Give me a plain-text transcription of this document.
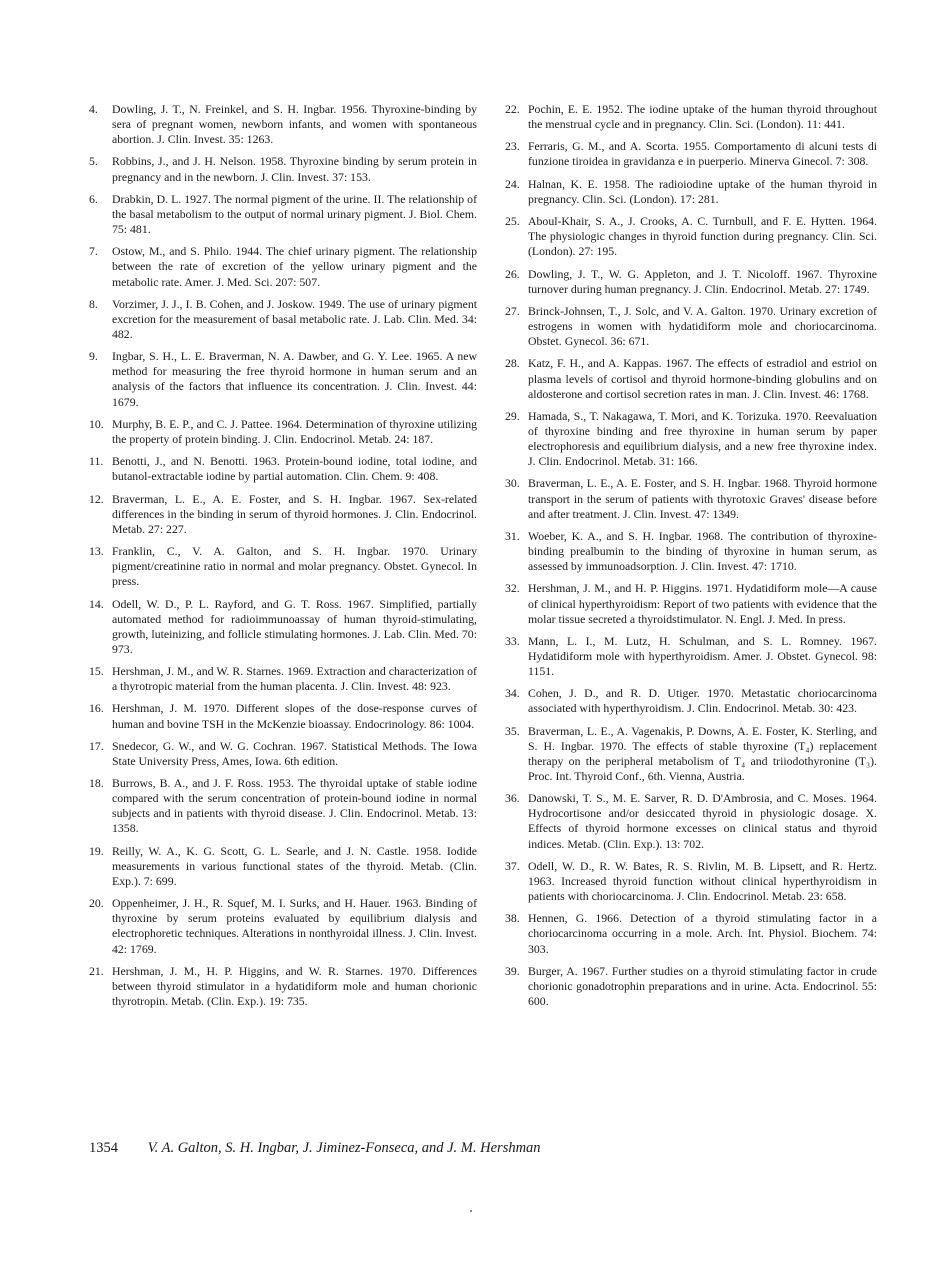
4. Dowling, J. T., N. Freinkel, and S. H. Ingbar. 1956. Thyroxine-binding by sera of pregnant women, newborn infants, and women with spontaneous abortion. J. Clin. Invest. 35: 1263.
5. Robbins, J., and J. H. Nelson. 1958. Thyroxine binding by serum protein in pregnancy and in the newborn. J. Clin. Invest. 37: 153.
6. Drabkin, D. L. 1927. The normal pigment of the urine. II. The relationship of the basal metabolism to the output of normal urinary pigment. J. Biol. Chem. 75: 481.
7. Ostow, M., and S. Philo. 1944. The chief urinary pigment. The relationship between the rate of excretion of the yellow urinary pigment and the metabolic rate. Amer. J. Med. Sci. 207: 507.
8. Vorzimer, J. J., I. B. Cohen, and J. Joskow. 1949. The use of urinary pigment excretion for the measurement of basal metabolic rate. J. Lab. Clin. Med. 34: 482.
9. Ingbar, S. H., L. E. Braverman, N. A. Dawber, and G. Y. Lee. 1965. A new method for measuring the free thyroid hormone in human serum and an analysis of the factors that influence its concentration. J. Clin. Invest. 44: 1679.
10. Murphy, B. E. P., and C. J. Pattee. 1964. Determination of thyroxine utilizing the property of protein binding. J. Clin. Endocrinol. Metab. 24: 187.
11. Benotti, J., and N. Benotti. 1963. Protein-bound iodine, total iodine, and butanol-extractable iodine by partial automation. Clin. Chem. 9: 408.
12. Braverman, L. E., A. E. Foster, and S. H. Ingbar. 1967. Sex-related differences in the binding in serum of thyroid hormones. J. Clin. Endocrinol. Metab. 27: 227.
13. Franklin, C., V. A. Galton, and S. H. Ingbar. 1970. Urinary pigment/creatinine ratio in normal and molar pregnancy. Obstet. Gynecol. In press.
14. Odell, W. D., P. L. Rayford, and G. T. Ross. 1967. Simplified, partially automated method for radioimmunoassay of human thyroid-stimulating, growth, luteinizing, and follicle stimulating hormones. J. Lab. Clin. Med. 70: 973.
15. Hershman, J. M., and W. R. Starnes. 1969. Extraction and characterization of a thyrotropic material from the human placenta. J. Clin. Invest. 48: 923.
16. Hershman, J. M. 1970. Different slopes of the dose-response curves of human and bovine TSH in the McKenzie bioassay. Endocrinology. 86: 1004.
17. Snedecor, G. W., and W. G. Cochran. 1967. Statistical Methods. The Iowa State University Press, Ames, Iowa. 6th edition.
18. Burrows, B. A., and J. F. Ross. 1953. The thyroidal uptake of stable iodine compared with the serum concentration of protein-bound iodine in normal subjects and in patients with thyroid disease. J. Clin. Endocrinol. Metab. 13: 1358.
19. Reilly, W. A., K. G. Scott, G. L. Searle, and J. N. Castle. 1958. Iodide measurements in various functional states of the thyroid. Metab. (Clin. Exp.). 7: 699.
20. Oppenheimer, J. H., R. Squef, M. I. Surks, and H. Hauer. 1963. Binding of thyroxine by serum proteins evaluated by equilibrium dialysis and electrophoretic techniques. Alterations in nonthyroidal illness. J. Clin. Invest. 42: 1769.
21. Hershman, J. M., H. P. Higgins, and W. R. Starnes. 1970. Differences between thyroid stimulator in a hydatidiform mole and human chorionic thyrotropin. Metab. (Clin. Exp.). 19: 735.
22. Pochin, E. E. 1952. The iodine uptake of the human thyroid throughout the menstrual cycle and in pregnancy. Clin. Sci. (London). 11: 441.
23. Ferraris, G. M., and A. Scorta. 1955. Comportamento di alcuni tests di funzione tiroidea in gravidanza e in puerperio. Minerva Ginecol. 7: 308.
24. Halnan, K. E. 1958. The radioiodine uptake of the human thyroid in pregnancy. Clin. Sci. (London). 17: 281.
25. Aboul-Khair, S. A., J. Crooks, A. C. Turnbull, and F. E. Hytten. 1964. The physiologic changes in thyroid function during pregnancy. Clin. Sci. (London). 27: 195.
26. Dowling, J. T., W. G. Appleton, and J. T. Nicoloff. 1967. Thyroxine turnover during human pregnancy. J. Clin. Endocrinol. Metab. 27: 1749.
27. Brinck-Johnsen, T., J. Solc, and V. A. Galton. 1970. Urinary excretion of estrogens in women with hydatidiform mole and choriocarcinoma. Obstet. Gynecol. 36: 671.
28. Katz, F. H., and A. Kappas. 1967. The effects of estradiol and estriol on plasma levels of cortisol and thyroid hormone-binding globulins and on aldosterone and cortisol secretion rates in man. J. Clin. Invest. 46: 1768.
29. Hamada, S., T. Nakagawa, T. Mori, and K. Torizuka. 1970. Reevaluation of thyroxine binding and free thyroxine in human serum by paper electrophoresis and equilibrium dialysis, and a new free thyroxine index. J. Clin. Endocrinol. Metab. 31: 166.
30. Braverman, L. E., A. E. Foster, and S. H. Ingbar. 1968. Thyroid hormone transport in the serum of patients with thyrotoxic Graves' disease before and after treatment. J. Clin. Invest. 47: 1349.
31. Woeber, K. A., and S. H. Ingbar. 1968. The contribution of thyroxine-binding prealbumin to the binding of thyroxine in human serum, as assessed by immunoadsorption. J. Clin. Invest. 47: 1710.
32. Hershman, J. M., and H. P. Higgins. 1971. Hydatidiform mole—A cause of clinical hyperthyroidism: Report of two patients with evidence that the molar tissue secreted a thyroidstimulator. N. Engl. J. Med. In press.
33. Mann, L. I., M. Lutz, H. Schulman, and S. L. Romney. 1967. Hydatidiform mole with hyperthyroidism. Amer. J. Obstet. Gynecol. 98: 1151.
34. Cohen, J. D., and R. D. Utiger. 1970. Metastatic choriocarcinoma associated with hyperthyroidism. J. Clin. Endocrinol. Metab. 30: 423.
35. Braverman, L. E., A. Vagenakis, P. Downs, A. E. Foster, K. Sterling, and S. H. Ingbar. 1970. The effects of stable thyroxine (T₄) replacement therapy on the peripheral metabolism of T₄ and triiodothyronine (T₃). Proc. Int. Thyroid Conf., 6th. Vienna, Austria.
36. Danowski, T. S., M. E. Sarver, R. D. D'Ambrosia, and C. Moses. 1964. Hydrocortisone and/or desiccated thyroid in physiologic dosage. X. Effects of thyroid hormone excesses on clinical status and thyroid indices. Metab. (Clin. Exp.). 13: 702.
37. Odell, W. D., R. W. Bates, R. S. Rivlin, M. B. Lipsett, and R. Hertz. 1963. Increased thyroid function without clinical hyperthyroidism in patients with choriocarcinoma. J. Clin. Endocrinol. Metab. 23: 658.
38. Hennen, G. 1966. Detection of a thyroid stimulating factor in a choriocarcinoma occurring in a mole. Arch. Int. Physiol. Biochem. 74: 303.
39. Burger, A. 1967. Further studies on a thyroid stimulating factor in crude chorionic gonadotrophin preparations and in urine. Acta. Endocrinol. 55: 600.
1354 V. A. Galton, S. H. Ingbar, J. Jiminez-Fonseca, and J. M. Hershman
